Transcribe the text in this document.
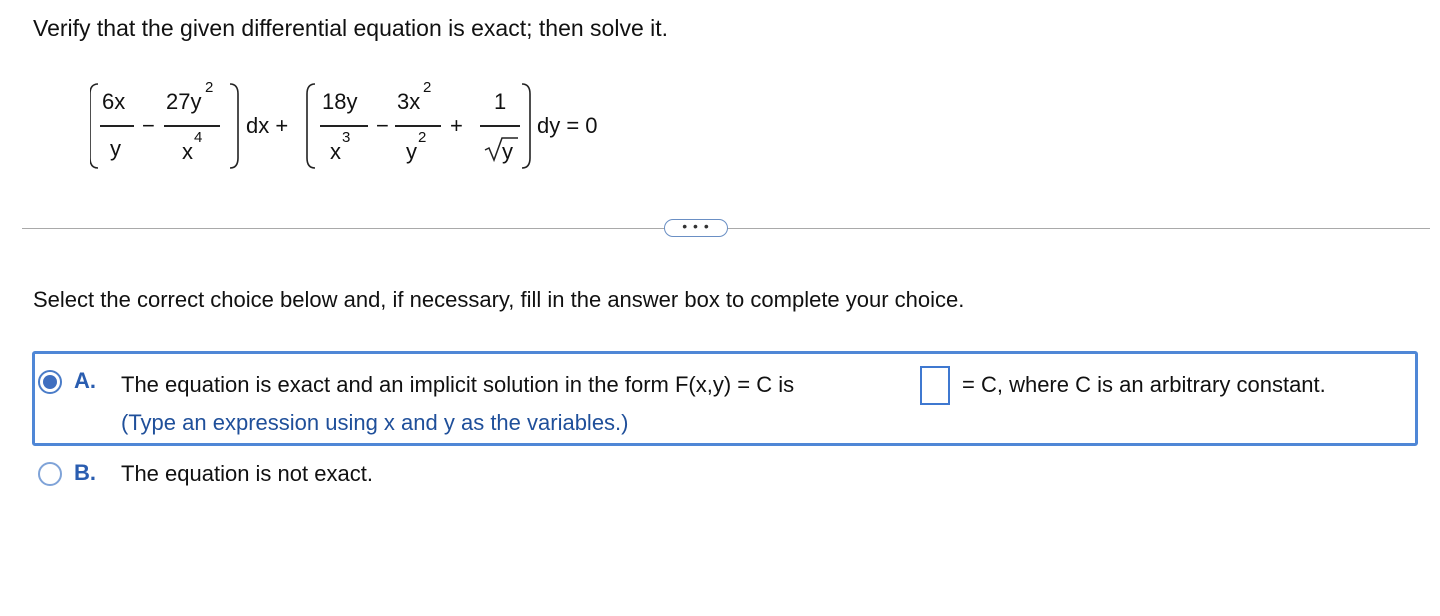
Verify that the given differential equation is exact; then solve it.
6x
y
−
27y
2
x
4 dx +
18y
x
3 −
3x
2
y
2 +
1
y
dy = 0
• • •
Select the correct choice below and, if necessary, fill in the answer box to complete your choice.
A. The equation is exact and an implicit solution in the form F(x,y) = C is	= C, where C is an arbitrary constant.
(Type an expression using x and y as the variables.)
B. The equation is not exact.
